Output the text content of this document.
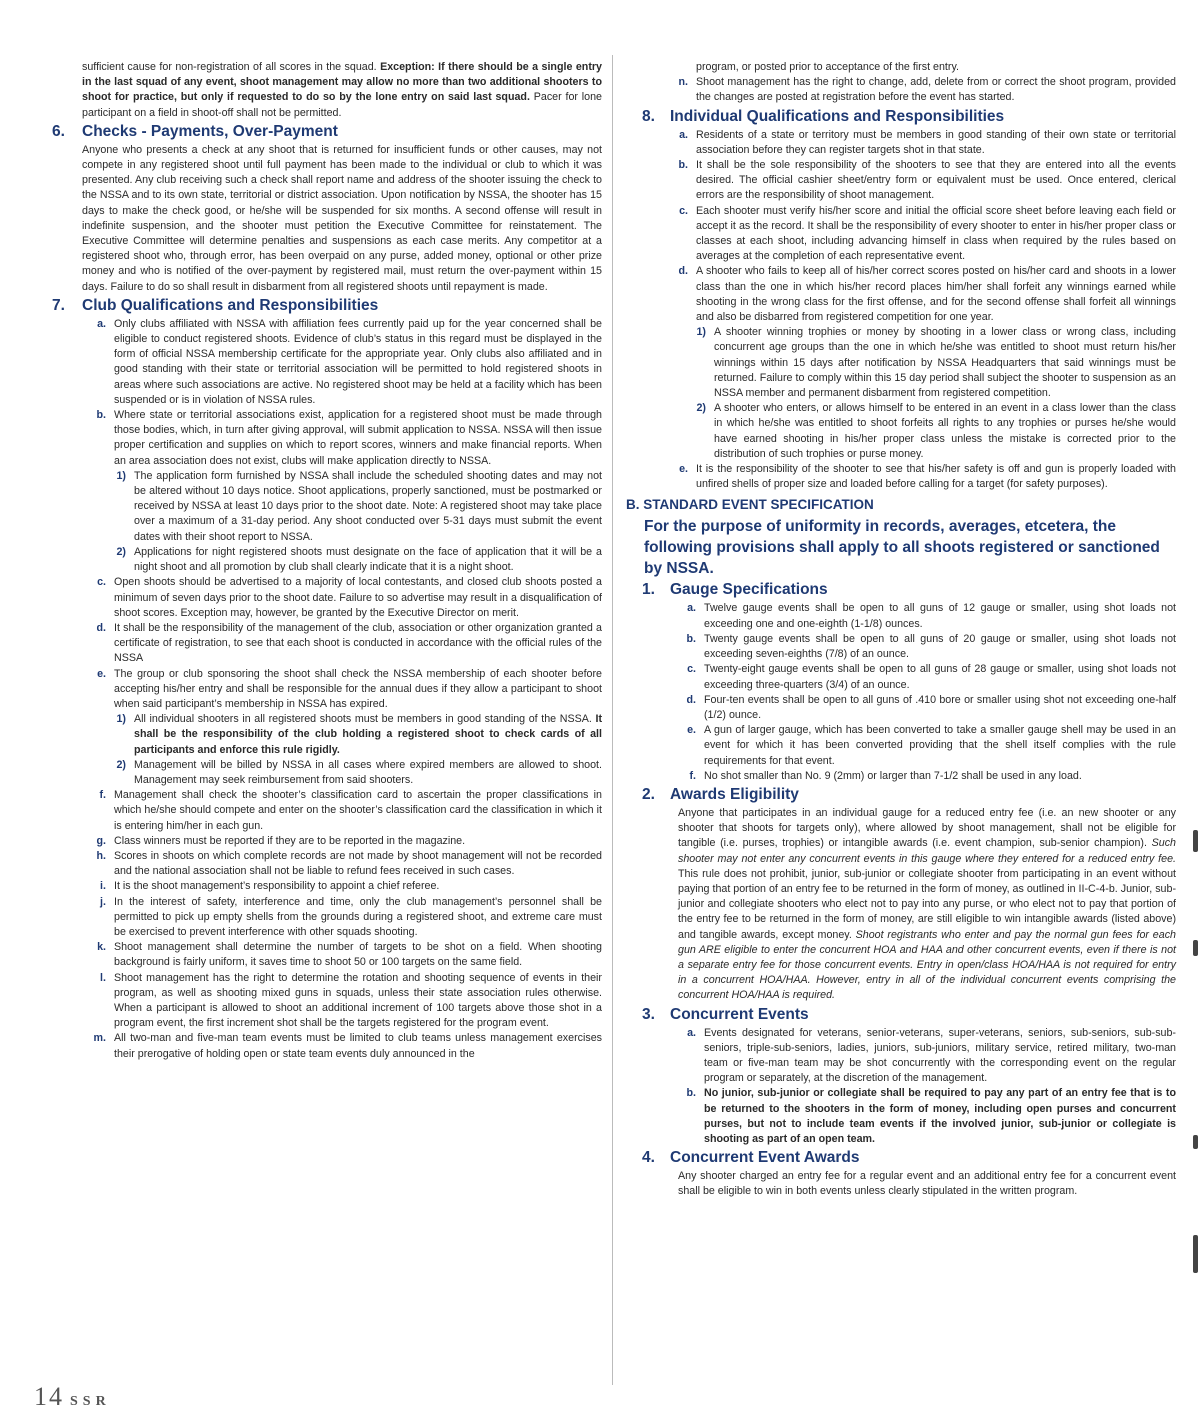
sufficient cause for non-registration of all scores in the squad. Exception: If there should be a single entry in the last squad of any event, shoot management may allow no more than two additional shooters to shoot for practice, but only if requested to do so by the lone entry on said last squad. Pacer for lone participant on a field in shoot-off shall not be permitted.

6. Checks - Payments, Over-Payment

Anyone who presents a check at any shoot that is returned for insufficient funds or other causes, may not compete in any registered shoot until full payment has been made to the individual or club to which it was presented. Any club receiving such a check shall report name and address of the shooter issuing the check to the NSSA and to its own state, territorial or district association. Upon notification by NSSA, the shooter has 15 days to make the check good, or he/she will be suspended for six months. A second offense will result in indefinite suspension, and the shooter must petition the Executive Committee for reinstatement. The Executive Committee will determine penalties and suspensions as each case merits. Any competitor at a registered shoot who, through error, has been overpaid on any purse, added money, optional or other prize money and who is notified of the over-payment by registered mail, must return the over-payment within 15 days. Failure to do so shall result in disbarment from all registered shoots until repayment is made.

7. Club Qualifications and Responsibilities
a. Only clubs affiliated with NSSA with affiliation fees currently paid up for the year concerned shall be eligible to conduct registered shoots. Evidence of club’s status in this regard must be displayed in the form of official NSSA membership certificate for the appropriate year. Only clubs also affiliated and in good standing with their state or territorial association will be permitted to hold registered shoots in areas where such associations are active. No registered shoot may be held at a facility which has been suspended or is in violation of NSSA rules.
b. Where state or territorial associations exist, application for a registered shoot must be made through those bodies, which, in turn after giving approval, will submit application to NSSA. NSSA will then issue proper certification and supplies on which to report scores, winners and make financial reports. When an area association does not exist, clubs will make application directly to NSSA.
1) The application form furnished by NSSA shall include the scheduled shooting dates and may not be altered without 10 days notice. Shoot applications, properly sanctioned, must be postmarked or received by NSSA at least 10 days prior to the shoot date. Note: A registered shoot may take place over a maximum of a 31-day period. Any shoot conducted over 5-31 days must submit the event dates with their shoot report to NSSA.
2) Applications for night registered shoots must designate on the face of application that it will be a night shoot and all promotion by club shall clearly indicate that it is a night shoot.
c. Open shoots should be advertised to a majority of local contestants, and closed club shoots posted a minimum of seven days prior to the shoot date. Failure to so advertise may result in a disqualification of shoot scores. Exception may, however, be granted by the Executive Director on merit.
d. It shall be the responsibility of the management of the club, association or other organization granted a certificate of registration, to see that each shoot is conducted in accordance with the official rules of the NSSA
e. The group or club sponsoring the shoot shall check the NSSA membership of each shooter before accepting his/her entry and shall be responsible for the annual dues if they allow a participant to shoot when said participant’s membership in NSSA has expired.
1) All individual shooters in all registered shoots must be members in good standing of the NSSA. It shall be the responsibility of the club holding a registered shoot to check cards of all participants and enforce this rule rigidly.
2) Management will be billed by NSSA in all cases where expired members are allowed to shoot. Management may seek reimbursement from said shooters.
f. Management shall check the shooter’s classification card to ascertain the proper classifications in which he/she should compete and enter on the shooter’s classification card the classification in which it is entering him/her in each gun.
g. Class winners must be reported if they are to be reported in the magazine.
h. Scores in shoots on which complete records are not made by shoot management will not be recorded and the national association shall not be liable to refund fees received in such cases.
i. It is the shoot management’s responsibility to appoint a chief referee.
j. In the interest of safety, interference and time, only the club management’s personnel shall be permitted to pick up empty shells from the grounds during a registered shoot, and extreme care must be exercised to prevent interference with other squads shooting.
k. Shoot management shall determine the number of targets to be shot on a field. When shooting background is fairly uniform, it saves time to shoot 50 or 100 targets on the same field.
l. Shoot management has the right to determine the rotation and shooting sequence of events in their program, as well as shooting mixed guns in squads, unless their state association rules otherwise. When a participant is allowed to shoot an additional increment of 100 targets above those shot in a program event, the first increment shot shall be the targets registered for the program event.
m. All two-man and five-man team events must be limited to club teams unless management exercises their prerogative of holding open or state team events duly announced in the

program, or posted prior to acceptance of the first entry.

n. Shoot management has the right to change, add, delete from or correct the shoot program, provided the changes are posted at registration before the event has started.
8. Individual Qualifications and Responsibilities
a. Residents of a state or territory must be members in good standing of their own state or territorial association before they can register targets shot in that state.
b. It shall be the sole responsibility of the shooters to see that they are entered into all the events desired. The official cashier sheet/entry form or equivalent must be used. Once entered, clerical errors are the responsibility of shoot management.
c. Each shooter must verify his/her score and initial the official score sheet before leaving each field or accept it as the record. It shall be the responsibility of every shooter to enter in his/her proper class or classes at each shoot, including advancing himself in class when required by the rules based on averages at the completion of each representative event.
d. A shooter who fails to keep all of his/her correct scores posted on his/her card and shoots in a lower class than the one in which his/her record places him/her shall forfeit any winnings earned while shooting in the wrong class for the first offense, and for the second offense shall forfeit all winnings and also be disbarred from registered competition for one year.
1) A shooter winning trophies or money by shooting in a lower class or wrong class, including concurrent age groups than the one in which he/she was entitled to shoot must return his/her winnings within 15 days after notification by NSSA Headquarters that said winnings must be returned. Failure to comply within this 15 day period shall subject the shooter to suspension as an NSSA member and permanent disbarment from registered competition.
2) A shooter who enters, or allows himself to be entered in an event in a class lower than the class in which he/she was entitled to shoot forfeits all rights to any trophies or purses he/she would have earned shooting in his/her proper class unless the mistake is corrected prior to the distribution of such trophies or purse money.
e. It is the responsibility of the shooter to see that his/her safety is off and gun is properly loaded with unfired shells of proper size and loaded before calling for a target (for safety purposes).
B. STANDARD EVENT SPECIFICATION
For the purpose of uniformity in records, averages, etcetera, the following provisions shall apply to all shoots registered or sanctioned by NSSA.
1. Gauge Specifications
a. Twelve gauge events shall be open to all guns of 12 gauge or smaller, using shot loads not exceeding one and one-eighth (1-1/8) ounces.
b. Twenty gauge events shall be open to all guns of 20 gauge or smaller, using shot loads not exceeding seven-eighths (7/8) of an ounce.
c. Twenty-eight gauge events shall be open to all guns of 28 gauge or smaller, using shot loads not exceeding three-quarters (3/4) of an ounce.
d. Four-ten events shall be open to all guns of .410 bore or smaller using shot not exceeding one-half (1/2) ounce.
e. A gun of larger gauge, which has been converted to take a smaller gauge shell may be used in an event for which it has been converted providing that the shell itself complies with the rule requirements for that event.
f. No shot smaller than No. 9 (2mm) or larger than 7-1/2 shall be used in any load.
2. Awards Eligibility

Anyone that participates in an individual gauge for a reduced entry fee (i.e. an new shooter or any shooter that shoots for targets only), where allowed by shoot management, shall not be eligible for tangible (i.e. purses, trophies) or intangible awards (i.e. event champion, sub-senior champion). Such shooter may not enter any concurrent events in this gauge where they entered for a reduced entry fee. This rule does not prohibit, junior, sub-junior or collegiate shooter from participating in an event without paying that portion of an entry fee to be returned in the form of money, as outlined in II-C-4-b. Junior, sub-junior and collegiate shooters who elect not to pay into any purse, or who elect not to pay that portion of the entry fee to be returned in the form of money, are still eligible to win intangible awards (listed above) and tangible awards, except money. Shoot registrants who enter and pay the normal gun fees for each gun ARE eligible to enter the concurrent HOA and HAA and other concurrent events, even if there is not a separate entry fee for those concurrent events. Entry in open/class HOA/HAA is not required for entry in a concurrent HOA/HAA. However, entry in all of the individual concurrent events comprising the concurrent HOA/HAA is required.

3. Concurrent Events
a. Events designated for veterans, senior-veterans, super-veterans, seniors, sub-seniors, sub-sub-seniors, triple-sub-seniors, ladies, juniors, sub-juniors, military service, retired military, two-man team or five-man team may be shot concurrently with the corresponding event on the regular program or separately, at the discretion of the management.
b. No junior, sub-junior or collegiate shall be required to pay any part of an entry fee that is to be returned to the shooters in the form of money, including open purses and concurrent purses, but not to include team events if the involved junior, sub-junior or collegiate is shooting as part of an open team.
4. Concurrent Event Awards

Any shooter charged an entry fee for a regular event and an additional entry fee for a concurrent event shall be eligible to win in both events unless clearly stipulated in the written program.

14 SSR
